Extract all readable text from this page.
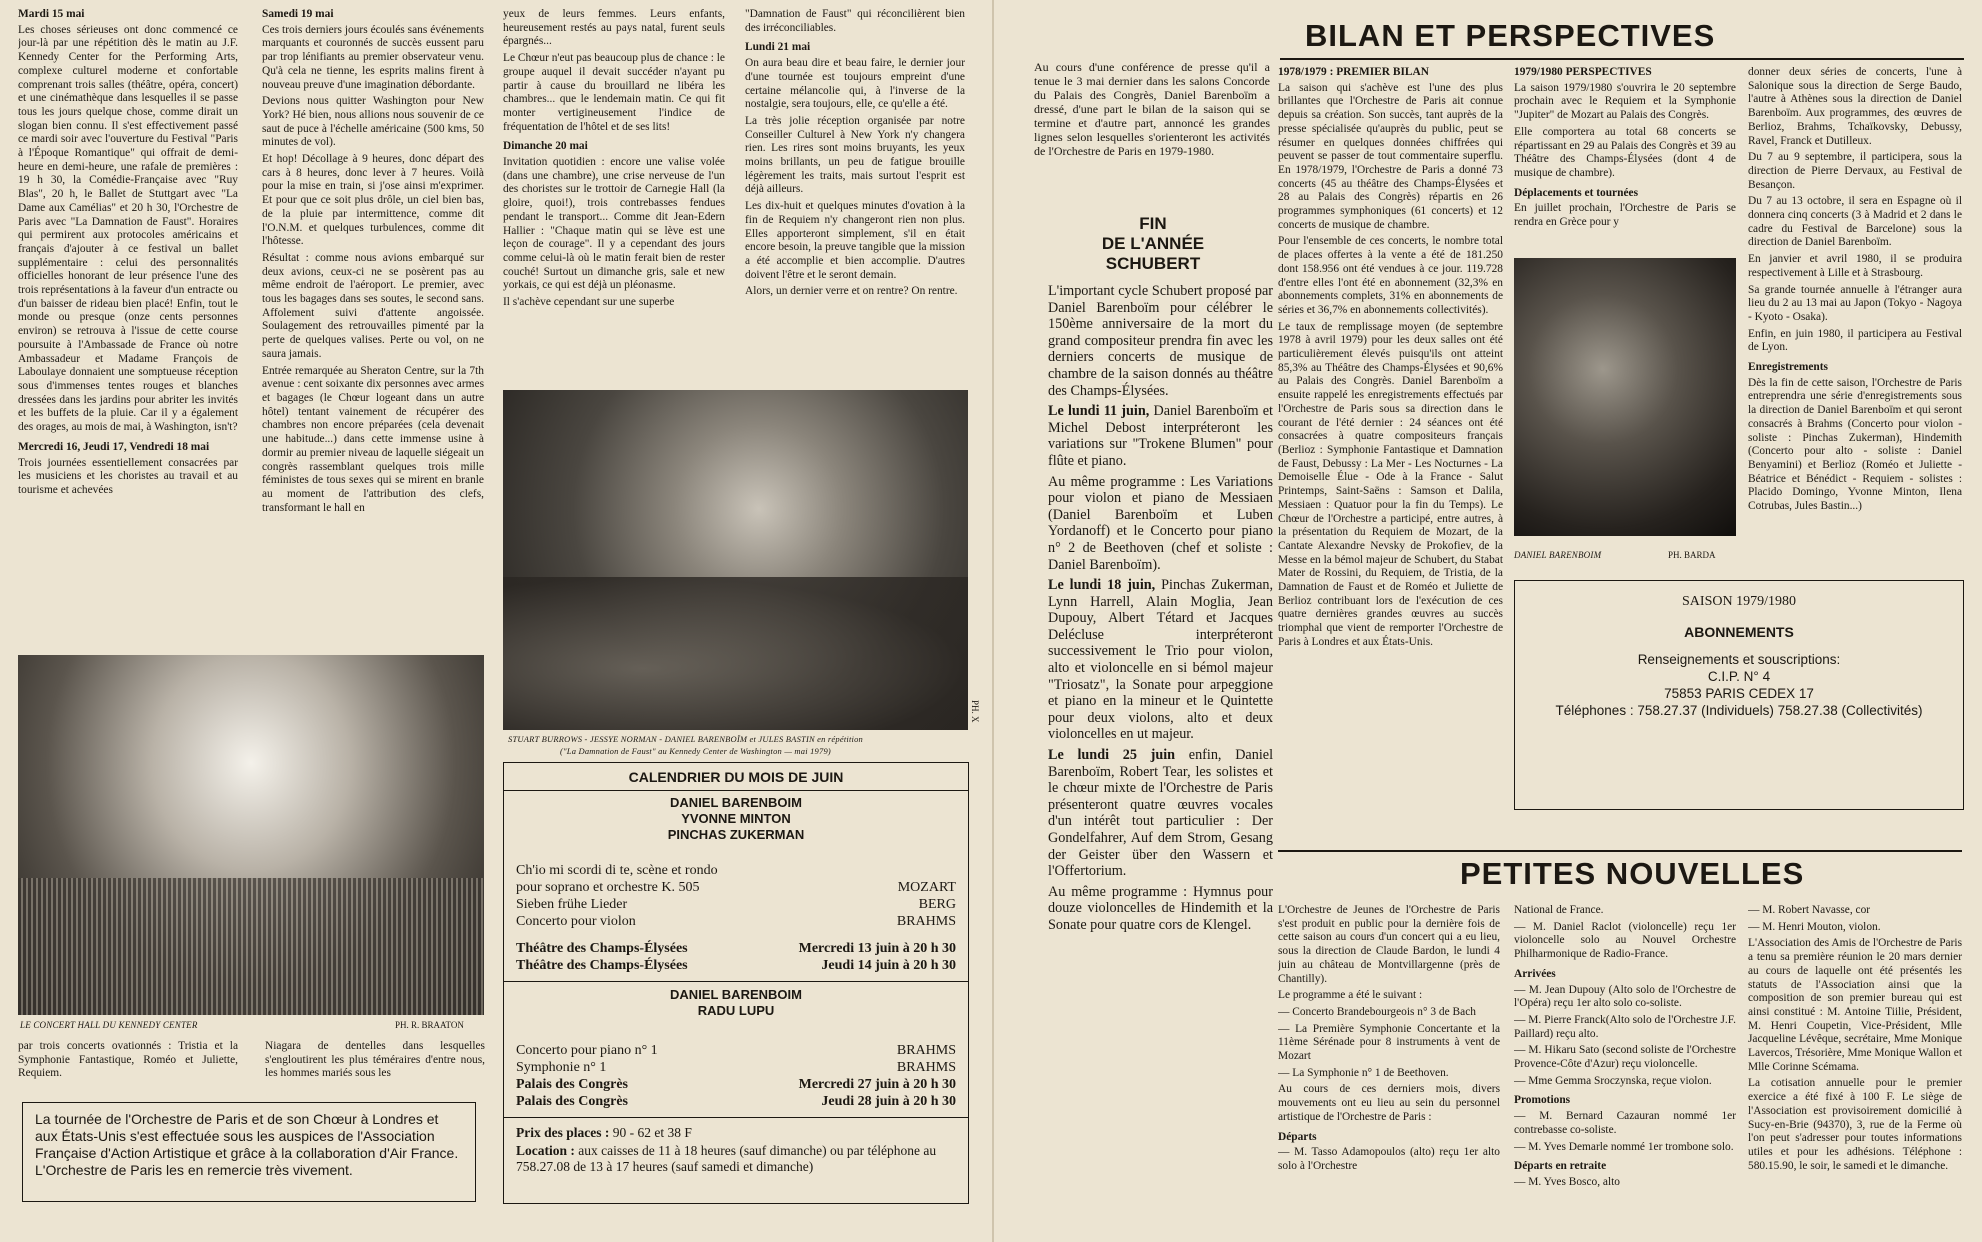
Mardi 15 mai

Les choses sérieuses ont donc commencé ce jour-là par une répétition dès le matin au J.F. Kennedy Center for the Performing Arts, complexe culturel moderne et confortable comprenant trois salles (théâtre, opéra, concert) et une cinémathèque dans lesquelles il se passe tous les jours quelque chose, comme dirait un slogan bien connu. Il s'est effectivement passé ce mardi soir avec l'ouverture du Festival "Paris à l'Époque Romantique" qui offrait de demi-heure en demi-heure, une rafale de premières : 19 h 30, la Comédie-Française avec "Ruy Blas", 20 h, le Ballet de Stuttgart avec "La Dame aux Camélias" et 20 h 30, l'Orchestre de Paris avec "La Damnation de Faust". Horaires qui permirent aux protocoles américains et français d'ajouter à ce festival un ballet supplémentaire : celui des personnalités officielles honorant de leur présence l'une des trois représentations à la faveur d'un entracte ou d'un baisser de rideau bien placé! Enfin, tout le monde ou presque (onze cents personnes environ) se retrouva à l'issue de cette course poursuite à l'Ambassade de France où notre Ambassadeur et Madame François de Laboulaye donnaient une somptueuse réception sous d'immenses tentes rouges et blanches dressées dans les jardins pour abriter les invités et les buffets de la pluie. Car il y a également des orages, au mois de mai, à Washington, isn't?

Mercredi 16, Jeudi 17, Vendredi 18 mai

Trois journées essentiellement consacrées par les musiciens et les choristes au travail et au tourisme et achevées

LE CONCERT HALL DU KENNEDY CENTER	PH. R. BRAATON

par trois concerts ovationnés : Tristia et la Symphonie Fantastique, Roméo et Juliette, Requiem.

Samedi 19 mai

Ces trois derniers jours écoulés sans événements marquants et couronnés de succès eussent paru par trop lénifiants au premier observateur venu. Qu'à cela ne tienne, les esprits malins firent à nouveau preuve d'une imagination débordante.

Devions nous quitter Washington pour New York? Hé bien, nous allions nous souvenir de ce saut de puce à l'échelle américaine (500 kms, 50 minutes de vol).

Et hop! Décollage à 9 heures, donc départ des cars à 8 heures, donc lever à 7 heures. Voilà pour la mise en train, si j'ose ainsi m'exprimer. Et pour que ce soit plus drôle, un ciel bien bas, de la pluie par intermittence, comme dit l'O.N.M. et quelques turbulences, comme dit l'hôtesse.

Résultat : comme nous avions embarqué sur deux avions, ceux-ci ne se posèrent pas au même endroit de l'aéroport. Le premier, avec tous les bagages dans ses soutes, le second sans. Affolement suivi d'attente angoissée. Soulagement des retrouvailles pimenté par la perte de quelques valises. Perte ou vol, on ne saura jamais.

Entrée remarquée au Sheraton Centre, sur la 7th avenue : cent soixante dix personnes avec armes et bagages (le Chœur logeant dans un autre hôtel) tentant vainement de récupérer des chambres non encore préparées (cela devenait une habitude...) dans cette immense usine à dormir au premier niveau de laquelle siégeait un congrès rassemblant quelques trois mille féministes de tous sexes qui se mirent en branle au moment de l'attribution des clefs, transformant le hall en

Niagara de dentelles dans lesquelles s'engloutirent les plus téméraires d'entre nous, les hommes mariés sous les

yeux de leurs femmes. Leurs enfants, heureusement restés au pays natal, furent seuls épargnés...

Le Chœur n'eut pas beaucoup plus de chance : le groupe auquel il devait succéder n'ayant pu partir à cause du brouillard ne libéra les chambres... que le lendemain matin. Ce qui fit monter vertigineusement l'indice de fréquentation de l'hôtel et de ses lits!

Dimanche 20 mai

Invitation quotidien : encore une valise volée (dans une chambre), une crise nerveuse de l'un des choristes sur le trottoir de Carnegie Hall (la gloire, quoi!), trois contrebasses fendues pendant le transport... Comme dit Jean-Edern Hallier : "Chaque matin qui se lève est une leçon de courage". Il y a cependant des jours comme celui-là où le matin ferait bien de rester couché! Surtout un dimanche gris, sale et new yorkais, ce qui est déjà un pléonasme.

Il s'achève cependant sur une superbe

"Damnation de Faust" qui réconcilièrent bien des irréconciliables.

Lundi 21 mai

On aura beau dire et beau faire, le dernier jour d'une tournée est toujours empreint d'une certaine mélancolie qui, à l'inverse de la nostalgie, sera toujours, elle, ce qu'elle a été.

La très jolie réception organisée par notre Conseiller Culturel à New York n'y changera rien. Les rires sont moins bruyants, les yeux moins brillants, un peu de fatigue brouille légèrement les traits, mais surtout l'esprit est déjà ailleurs.

Les dix-huit et quelques minutes d'ovation à la fin de Requiem n'y changeront rien non plus. Elles apporteront simplement, s'il en était encore besoin, la preuve tangible que la mission a été accomplie et bien accomplie. D'autres doivent l'être et le seront demain.

Alors, un dernier verre et on rentre? On rentre.

PH. X
STUART BURROWS - JESSYE NORMAN - DANIEL BARENBOÏM et JULES BASTIN en répétition
("La Damnation de Faust" au Kennedy Center de Washington — mai 1979)
CALENDRIER DU MOIS DE JUIN
DANIEL BARENBOIM
YVONNE MINTON
PINCHAS ZUKERMAN
Ch'io mi scordi di te, scène et rondo
pour soprano et orchestre K. 505	MOZART
Sieben frühe Lieder	BERG
Concerto pour violon	BRAHMS
Théâtre des Champs-Élysées	Mercredi 13 juin à 20 h 30
Théâtre des Champs-Élysées	Jeudi 14 juin à 20 h 30
DANIEL BARENBOIM
RADU LUPU
Concerto pour piano n° 1	BRAHMS
Symphonie n° 1	BRAHMS
Palais des Congrès	Mercredi 27 juin à 20 h 30
Palais des Congrès	Jeudi 28 juin à 20 h 30

Prix des places : 90 - 62 et 38 F

Location : aux caisses de 11 à 18 heures (sauf dimanche) ou par téléphone au 758.27.08 de 13 à 17 heures (sauf samedi et dimanche)

La tournée de l'Orchestre de Paris et de son Chœur à Londres et aux États-Unis s'est effectuée sous les auspices de l'Association Française d'Action Artistique et grâce à la collaboration d'Air France.

L'Orchestre de Paris les en remercie très vivement.

Au cours d'une conférence de presse qu'il a tenue le 3 mai dernier dans les salons Concorde du Palais des Congrès, Daniel Barenboïm a dressé, d'une part le bilan de la saison qui se termine et d'autre part, annoncé les grandes lignes selon lesquelles s'orienteront les activités de l'Orchestre de Paris en 1979-1980.

BILAN ET PERSPECTIVES
FIN
DE L'ANNÉE
SCHUBERT

L'important cycle Schubert proposé par Daniel Barenboïm pour célébrer le 150ème anniversaire de la mort du grand compositeur prendra fin avec les derniers concerts de musique de chambre de la saison donnés au théâtre des Champs-Élysées.

Le lundi 11 juin, Daniel Barenboïm et Michel Debost interpréteront les variations sur "Trokene Blumen" pour flûte et piano.

Au même programme : Les Variations pour violon et piano de Messiaen (Daniel Barenboïm et Luben Yordanoff) et le Concerto pour piano n° 2 de Beethoven (chef et soliste : Daniel Barenboïm).

Le lundi 18 juin, Pinchas Zukerman, Lynn Harrell, Alain Moglia, Jean Dupouy, Albert Tétard et Jacques Delécluse interpréteront successivement le Trio pour violon, alto et violoncelle en si bémol majeur "Triosatz", la Sonate pour arpeggione et piano en la mineur et le Quintette pour deux violons, alto et deux violoncelles en ut majeur.

Le lundi 25 juin enfin, Daniel Barenboïm, Robert Tear, les solistes et le chœur mixte de l'Orchestre de Paris présenteront quatre œuvres vocales d'un intérêt tout particulier : Der Gondelfahrer, Auf dem Strom, Gesang der Geister über den Wassern et l'Offertorium.

Au même programme : Hymnus pour douze violoncelles de Hindemith et la Sonate pour quatre cors de Klengel.

1978/1979 : PREMIER BILAN

La saison qui s'achève est l'une des plus brillantes que l'Orchestre de Paris ait connue depuis sa création. Son succès, tant auprès de la presse spécialisée qu'auprès du public, peut se résumer en quelques données chiffrées qui peuvent se passer de tout commentaire superflu. En 1978/1979, l'Orchestre de Paris a donné 73 concerts (45 au théâtre des Champs-Élysées et 28 au Palais des Congrès) répartis en 26 programmes symphoniques (61 concerts) et 12 concerts de musique de chambre.

Pour l'ensemble de ces concerts, le nombre total de places offertes à la vente a été de 181.250 dont 158.956 ont été vendues à ce jour. 119.728 d'entre elles l'ont été en abonnement (32,3% en abonnements complets, 31% en abonnements de séries et 36,7% en abonnements collectivités).

Le taux de remplissage moyen (de septembre 1978 à avril 1979) pour les deux salles ont été particulièrement élevés puisqu'ils ont atteint 85,3% au Théâtre des Champs-Élysées et 90,6% au Palais des Congrès. Daniel Barenboïm a ensuite rappelé les enregistrements effectués par l'Orchestre de Paris sous sa direction dans le courant de l'été dernier : 24 séances ont été consacrées à quatre compositeurs français (Berlioz : Symphonie Fantastique et Damnation de Faust, Debussy : La Mer - Les Nocturnes - La Demoiselle Élue - Ode à la France - Salut Printemps, Saint-Saëns : Samson et Dalila, Messiaen : Quatuor pour la fin du Temps). Le Chœur de l'Orchestre a participé, entre autres, à la présentation du Requiem de Mozart, de la Cantate Alexandre Nevsky de Prokofiev, de la Messe en la bémol majeur de Schubert, du Stabat Mater de Rossini, du Requiem, de Tristia, de la Damnation de Faust et de Roméo et Juliette de Berlioz contribuant lors de l'exécution de ces quatre dernières grandes œuvres au succès triomphal que vient de remporter l'Orchestre de Paris à Londres et aux États-Unis.

1979/1980 PERSPECTIVES

La saison 1979/1980 s'ouvrira le 20 septembre prochain avec le Requiem et la Symphonie "Jupiter" de Mozart au Palais des Congrès.

Elle comportera au total 68 concerts se répartissant en 29 au Palais des Congrès et 39 au Théâtre des Champs-Élysées (dont 4 de musique de chambre).

Déplacements et tournées

En juillet prochain, l'Orchestre de Paris se rendra en Grèce pour y

DANIEL BARENBOIM	PH. BARDA

donner deux séries de concerts, l'une à Salonique sous la direction de Serge Baudo, l'autre à Athènes sous la direction de Daniel Barenboïm. Aux programmes, des œuvres de Berlioz, Brahms, Tchaïkovsky, Debussy, Ravel, Franck et Dutilleux.

Du 7 au 9 septembre, il participera, sous la direction de Pierre Dervaux, au Festival de Besançon.

Du 7 au 13 octobre, il sera en Espagne où il donnera cinq concerts (3 à Madrid et 2 dans le cadre du Festival de Barcelone) sous la direction de Daniel Barenboïm.

En janvier et avril 1980, il se produira respectivement à Lille et à Strasbourg.

Sa grande tournée annuelle à l'étranger aura lieu du 2 au 13 mai au Japon (Tokyo - Nagoya - Kyoto - Osaka).

Enfin, en juin 1980, il participera au Festival de Lyon.

Enregistrements

Dès la fin de cette saison, l'Orchestre de Paris entreprendra une série d'enregistrements sous la direction de Daniel Barenboïm et qui seront consacrés à Brahms (Concerto pour violon - soliste : Pinchas Zukerman), Hindemith (Concerto pour alto - soliste : Daniel Benyamini) et Berlioz (Roméo et Juliette - Béatrice et Bénédict - Requiem - solistes : Placido Domingo, Yvonne Minton, Ilena Cotrubas, Jules Bastin...)

SAISON 1979/1980
ABONNEMENTS
Renseignements et souscriptions:
C.I.P. N° 4
75853 PARIS CEDEX 17
Téléphones : 758.27.37 (Individuels) 758.27.38 (Collectivités)
PETITES NOUVELLES

L'Orchestre de Jeunes de l'Orchestre de Paris s'est produit en public pour la dernière fois de cette saison au cours d'un concert qui a eu lieu, sous la direction de Claude Bardon, le lundi 4 juin au château de Montvillargenne (près de Chantilly).

Le programme a été le suivant :

— Concerto Brandebourgeois n° 3 de Bach

— La Première Symphonie Concertante et la 11ème Sérénade pour 8 instruments à vent de Mozart

— La Symphonie n° 1 de Beethoven.

Au cours de ces derniers mois, divers mouvements ont eu lieu au sein du personnel artistique de l'Orchestre de Paris :

Départs

— M. Tasso Adamopoulos (alto) reçu 1er alto solo à l'Orchestre

National de France.

— M. Daniel Raclot (violoncelle) reçu 1er violoncelle solo au Nouvel Orchestre Philharmonique de Radio-France.

Arrivées

— M. Jean Dupouy (Alto solo de l'Orchestre de l'Opéra) reçu 1er alto solo co-soliste.

— M. Pierre Franck(Alto solo de l'Orchestre J.F. Paillard) reçu alto.

— M. Hikaru Sato (second soliste de l'Orchestre Provence-Côte d'Azur) reçu violoncelle.

— Mme Gemma Sroczynska, reçue violon.

Promotions

— M. Bernard Cazauran nommé 1er contrebasse co-soliste.

— M. Yves Demarle nommé 1er trombone solo.

Départs en retraite

— M. Yves Bosco, alto

— M. Robert Navasse, cor

— M. Henri Mouton, violon.

L'Association des Amis de l'Orchestre de Paris a tenu sa première réunion le 20 mars dernier au cours de laquelle ont été présentés les statuts de l'Association ainsi que la composition de son premier bureau qui est ainsi constitué : M. Antoine Tiilie, Président, M. Henri Coupetin, Vice-Président, Mlle Jacqueline Lévêque, secrétaire, Mme Monique Lavercos, Trésorière, Mme Monique Wallon et Mlle Corinne Scémama.

La cotisation annuelle pour le premier exercice a été fixé à 100 F. Le siège de l'Association est provisoirement domicilié à Sucy-en-Brie (94370), 3, rue de la Ferme où l'on peut s'adresser pour toutes informations utiles et pour les adhésions. Téléphone : 580.15.90, le soir, le samedi et le dimanche.
